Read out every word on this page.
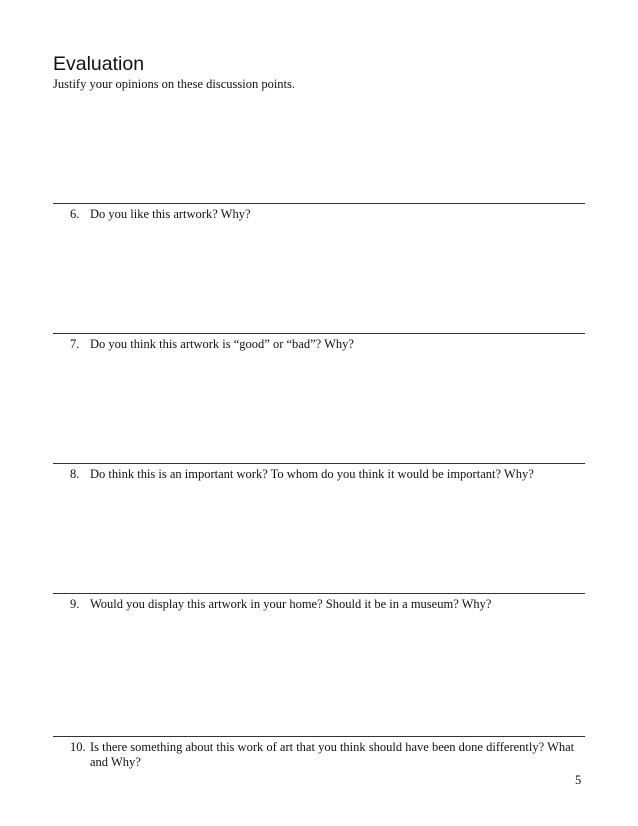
Evaluation
Justify your opinions on these discussion points.
6. Do you like this artwork? Why?
7. Do you think this artwork is “good” or “bad”? Why?
8. Do think this is an important work? To whom do you think it would be important? Why?
9. Would you display this artwork in your home? Should it be in a museum? Why?
10. Is there something about this work of art that you think should have been done differently? What and Why?
5
